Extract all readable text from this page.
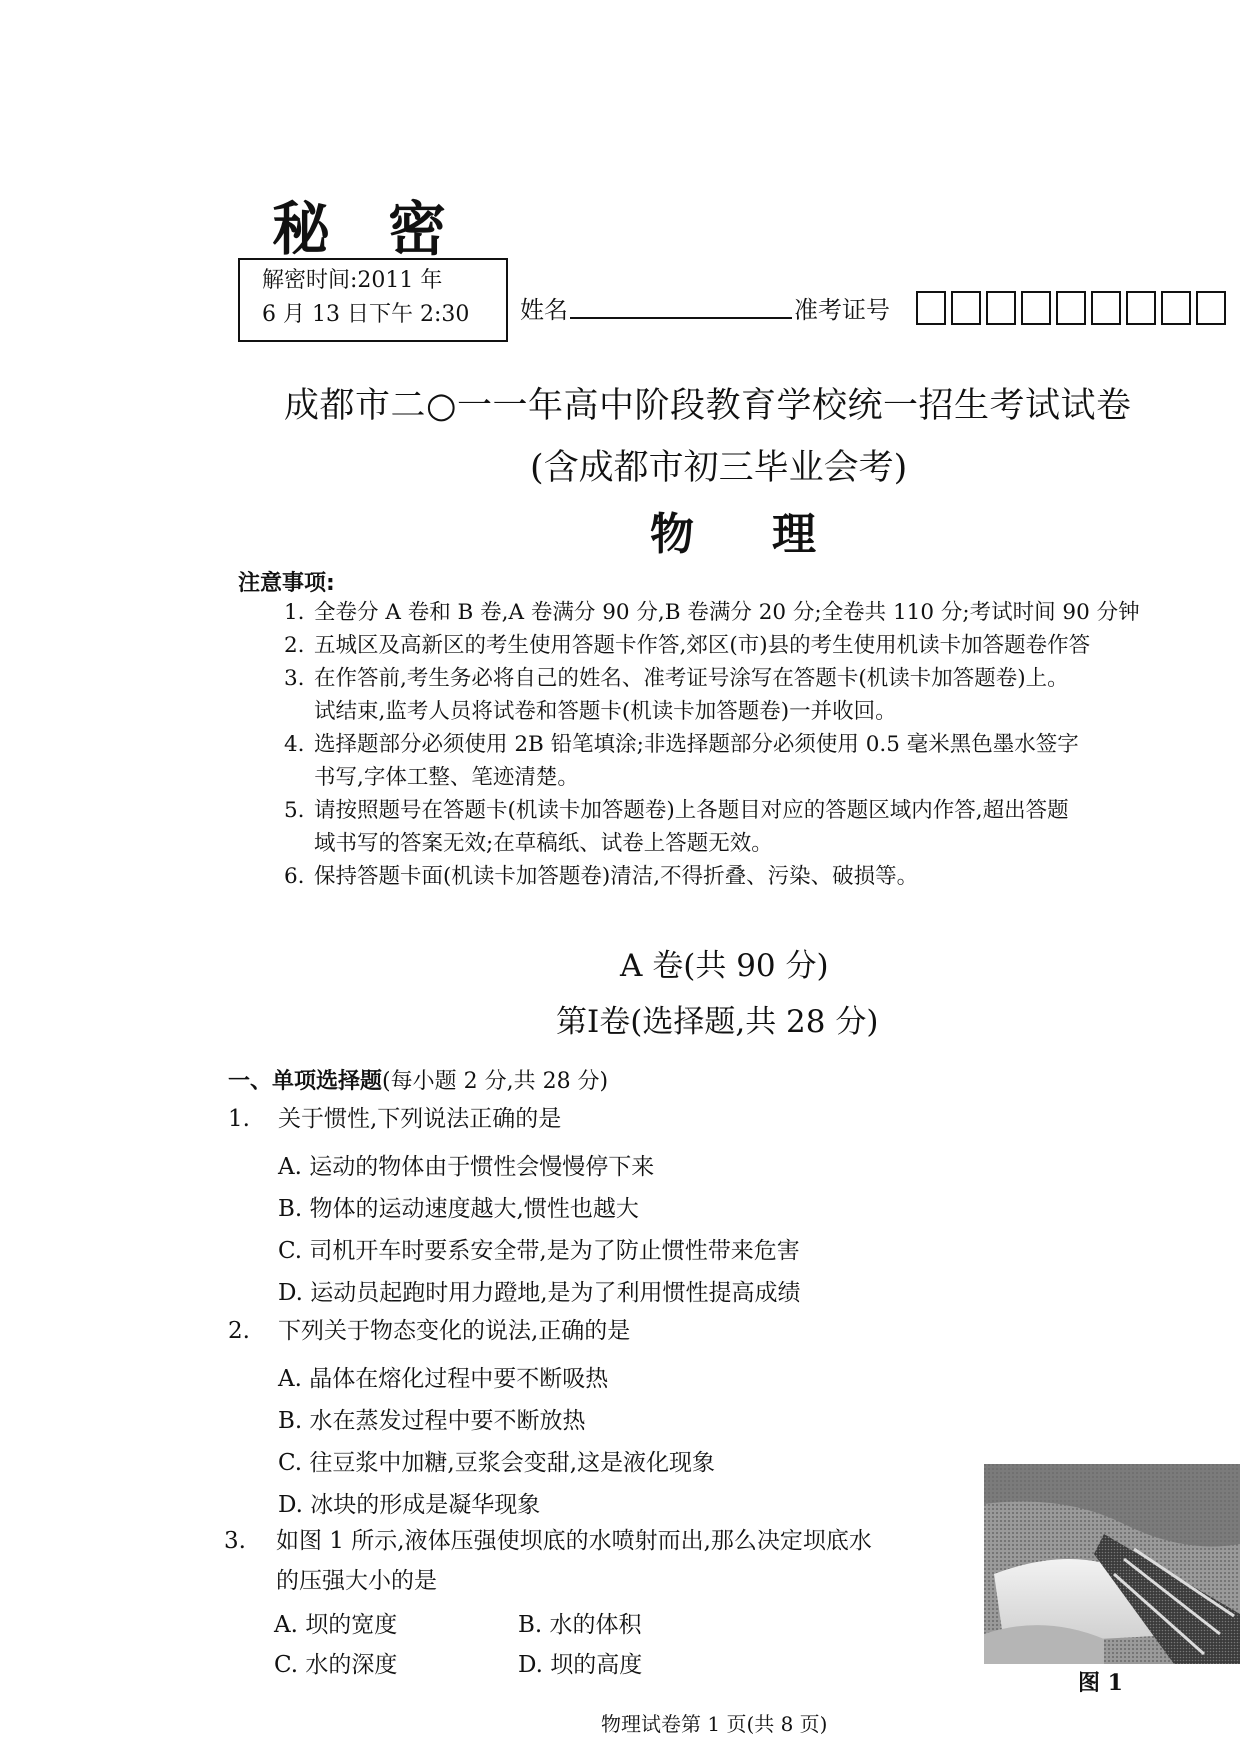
秘密
解密时间:2011 年
6 月 13 日下午 2:30	姓名	准考证号
成都市二○一一年高中阶段教育学校统一招生考试试卷
(含成都市初三毕业会考)
物理
注意事项:
1. 全卷分 A 卷和 B 卷,A 卷满分 90 分,B 卷满分 20 分;全卷共 110 分;考试时间 90 分钟
2. 五城区及高新区的考生使用答题卡作答,郊区(市)县的考生使用机读卡加答题卷作答
3. 在作答前,考生务必将自己的姓名、准考证号涂写在答题卡(机读卡加答题卷)上。
试结束,监考人员将试卷和答题卡(机读卡加答题卷)一并收回。
4. 选择题部分必须使用 2B 铅笔填涂;非选择题部分必须使用 0.5 毫米黑色墨水签字
书写,字体工整、笔迹清楚。
5. 请按照题号在答题卡(机读卡加答题卷)上各题目对应的答题区域内作答,超出答题
域书写的答案无效;在草稿纸、试卷上答题无效。
6. 保持答题卡面(机读卡加答题卷)清洁,不得折叠、污染、破损等。
A 卷(共 90 分)
第Ⅰ卷(选择题,共 28 分)
一、单项选择题(每小题 2 分,共 28 分)
1. 关于惯性,下列说法正确的是
A. 运动的物体由于惯性会慢慢停下来
B. 物体的运动速度越大,惯性也越大
C. 司机开车时要系安全带,是为了防止惯性带来危害
D. 运动员起跑时用力蹬地,是为了利用惯性提高成绩
2. 下列关于物态变化的说法,正确的是
A. 晶体在熔化过程中要不断吸热
B. 水在蒸发过程中要不断放热
C. 往豆浆中加糖,豆浆会变甜,这是液化现象
D. 冰块的形成是凝华现象
3. 如图 1 所示,液体压强使坝底的水喷射而出,那么决定坝底水
的压强大小的是
A. 坝的宽度	B. 水的体积
C. 水的深度	D. 坝的高度
图 1
物理试卷第 1 页(共 8 页)
